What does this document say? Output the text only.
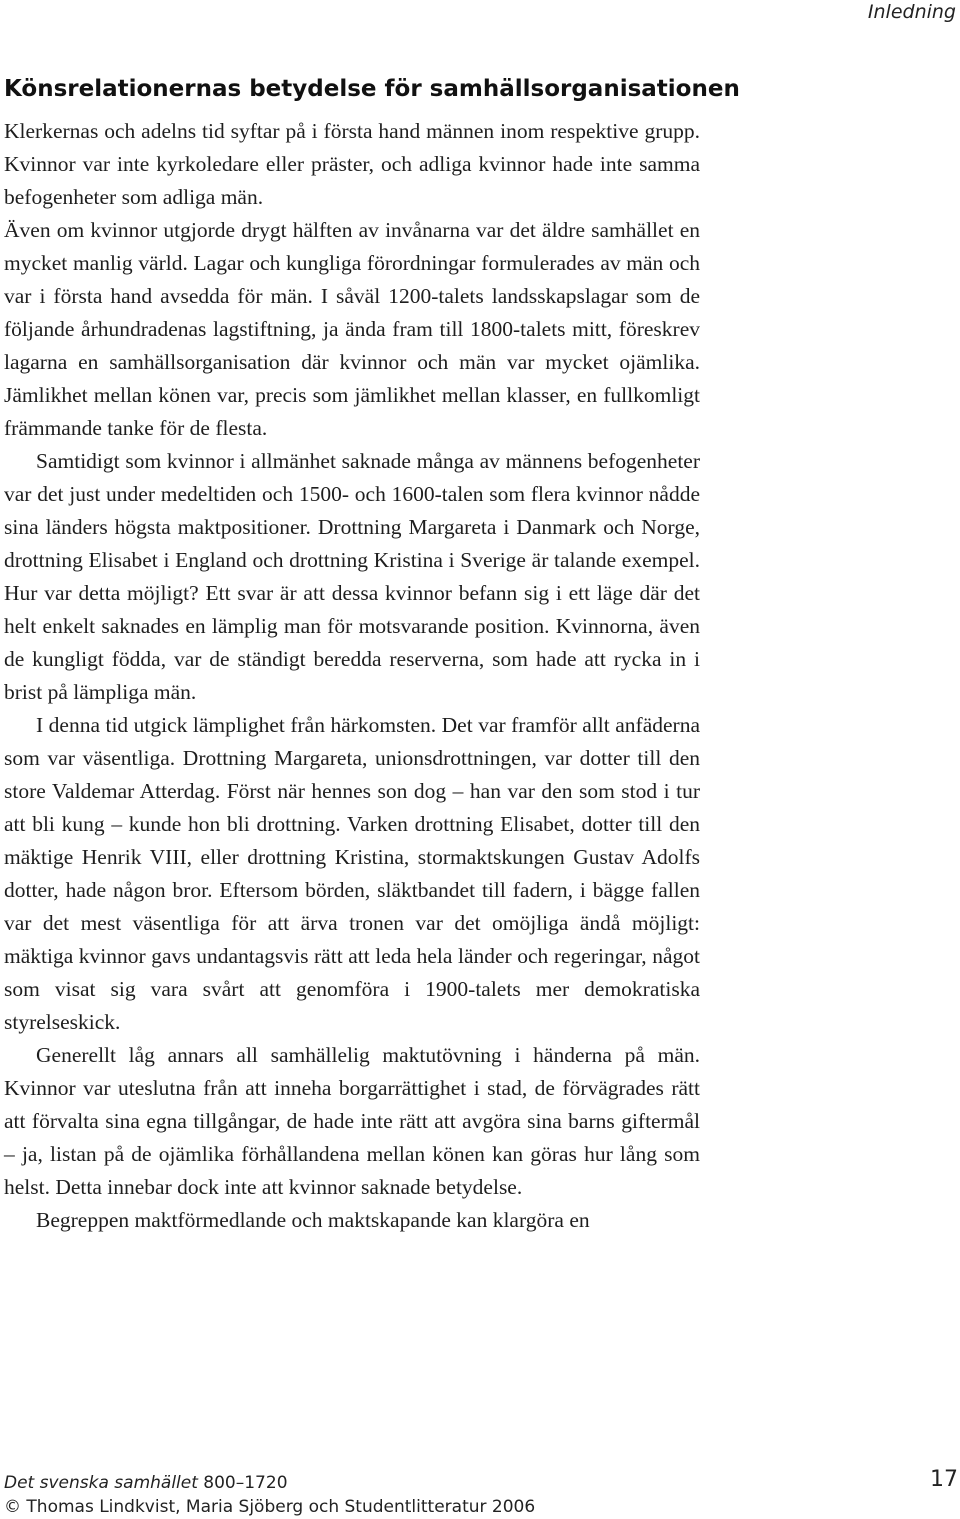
Inledning
Könsrelationernas betydelse för samhällsorganisationen

Klerkernas och adelns tid syftar på i första hand männen inom respektive grupp. Kvinnor var inte kyrkoledare eller präster, och adliga kvinnor hade inte samma befogenheter som adliga män.

Även om kvinnor utgjorde drygt hälften av invånarna var det äldre samhället en mycket manlig värld. Lagar och kungliga förordningar formulerades av män och var i första hand avsedda för män. I såväl 1200-talets landsskapslagar som de följande århundradenas lagstiftning, ja ända fram till 1800-talets mitt, föreskrev lagarna en samhällsorganisation där kvinnor och män var mycket ojämlika. Jämlikhet mellan könen var, precis som jämlikhet mellan klasser, en fullkomligt främmande tanke för de flesta.

Samtidigt som kvinnor i allmänhet saknade många av männens befogenheter var det just under medeltiden och 1500- och 1600-talen som flera kvinnor nådde sina länders högsta maktpositioner. Drottning Margareta i Danmark och Norge, drottning Elisabet i England och drottning Kristina i Sverige är talande exempel. Hur var detta möjligt? Ett svar är att dessa kvinnor befann sig i ett läge där det helt enkelt saknades en lämplig man för motsvarande position. Kvinnorna, även de kungligt födda, var de ständigt beredda reserverna, som hade att rycka in i brist på lämpliga män.

I denna tid utgick lämplighet från härkomsten. Det var framför allt anfäderna som var väsentliga. Drottning Margareta, unionsdrottningen, var dotter till den store Valdemar Atterdag. Först när hennes son dog – han var den som stod i tur att bli kung – kunde hon bli drottning. Varken drottning Elisabet, dotter till den mäktige Henrik VIII, eller drottning Kristina, stormaktskungen Gustav Adolfs dotter, hade någon bror. Eftersom börden, släktbandet till fadern, i bägge fallen var det mest väsentliga för att ärva tronen var det omöjliga ändå möjligt: mäktiga kvinnor gavs undantagsvis rätt att leda hela länder och regeringar, något som visat sig vara svårt att genomföra i 1900-talets mer demokratiska styrelseskick.

Generellt låg annars all samhällelig maktutövning i händerna på män. Kvinnor var uteslutna från att inneha borgarrättighet i stad, de förvägrades rätt att förvalta sina egna tillgångar, de hade inte rätt att avgöra sina barns giftermål – ja, listan på de ojämlika förhållandena mellan könen kan göras hur lång som helst. Detta innebar dock inte att kvinnor saknade betydelse.

Begreppen maktförmedlande och maktskapande kan klargöra en

Det svenska samhället 800–1720
© Thomas Lindkvist, Maria Sjöberg och Studentlitteratur 2006
17
